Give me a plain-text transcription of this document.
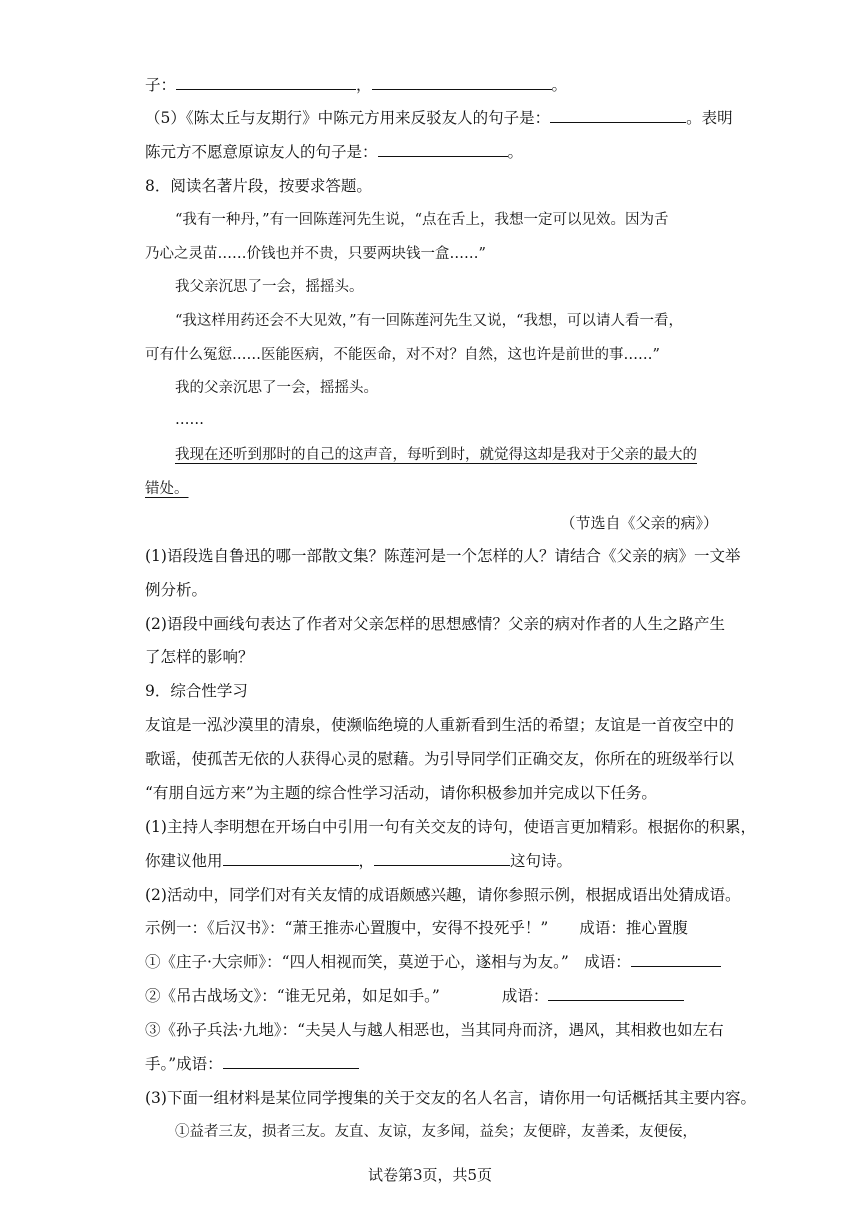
子：	，	。
（5）《陈太丘与友期行》中陈元方用来反驳友人的句子是：	。表明
陈元方不愿意原谅友人的句子是：	。
8．阅读名著片段，按要求答题。
“我有一种丹，”有一回陈莲河先生说，“点在舌上，我想一定可以见效。因为舌
乃心之灵苗……价钱也并不贵，只要两块钱一盒……”
我父亲沉思了一会，摇摇头。
“我这样用药还会不大见效，”有一回陈莲河先生又说，“我想，可以请人看一看，
可有什么冤愆……医能医病，不能医命，对不对？自然，这也许是前世的事……”
我的父亲沉思了一会，摇摇头。
……
我现在还听到那时的自己的这声音，每听到时，就觉得这却是我对于父亲的最大的
错处。
（节选自《父亲的病》）
(1)语段选自鲁迅的哪一部散文集？陈莲河是一个怎样的人？请结合《父亲的病》一文举
例分析。
(2)语段中画线句表达了作者对父亲怎样的思想感情？父亲的病对作者的人生之路产生
了怎样的影响？
9．综合性学习
友谊是一泓沙漠里的清泉，使濒临绝境的人重新看到生活的希望；友谊是一首夜空中的
歌谣，使孤苦无依的人获得心灵的慰藉。为引导同学们正确交友，你所在的班级举行以
“有朋自远方来”为主题的综合性学习活动，请你积极参加并完成以下任务。
(1)主持人李明想在开场白中引用一句有关交友的诗句，使语言更加精彩。根据你的积累，
你建议他用	，	这句诗。
(2)活动中，同学们对有关友情的成语颇感兴趣，请你参照示例，根据成语出处猜成语。
示例一：《后汉书》：“萧王推赤心置腹中，安得不投死乎！”　　成语：推心置腹
①《庄子·大宗师》：“四人相视而笑，莫逆于心，遂相与为友。”　成语：
②《吊古战场文》：“谁无兄弟，如足如手。”	成语：
③《孙子兵法·九地》：“夫吴人与越人相恶也，当其同舟而济，遇风，其相救也如左右
手。”成语：
(3)下面一组材料是某位同学搜集的关于交友的名人名言，请你用一句话概括其主要内容。
①益者三友，损者三友。友直、友谅，友多闻，益矣；友便辟，友善柔，友便佞，
试卷第3页，共5页
